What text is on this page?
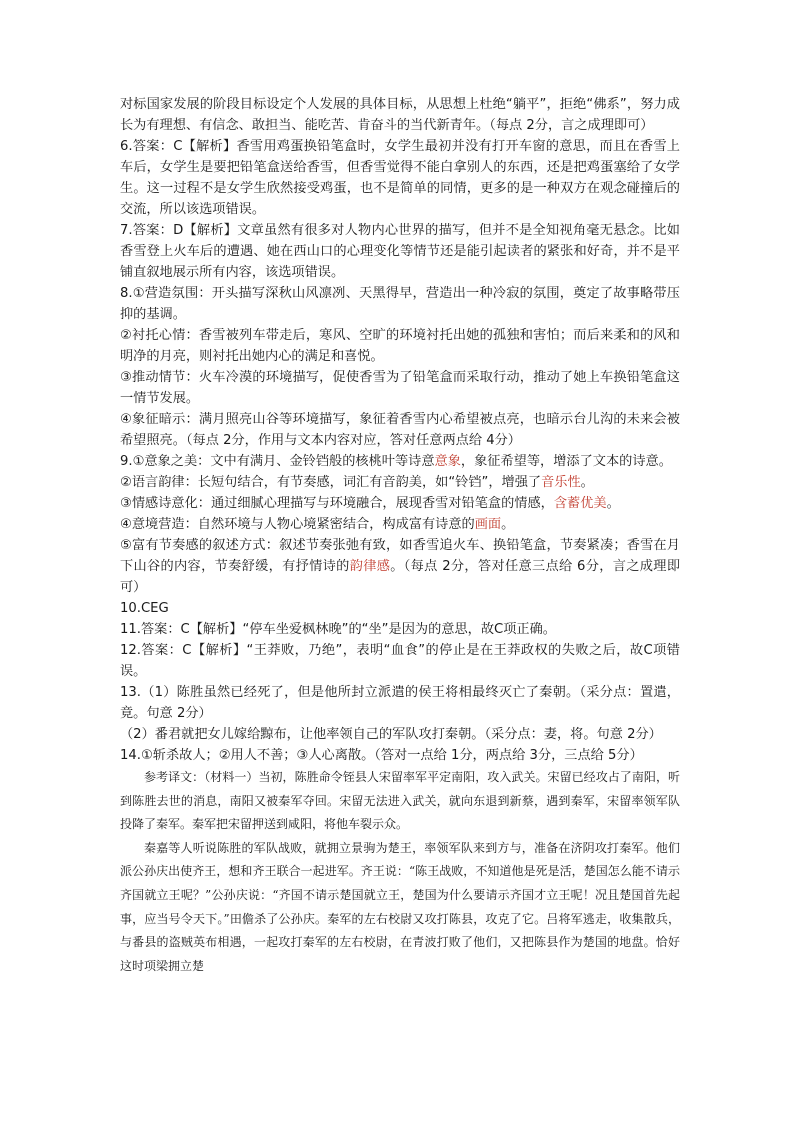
对标国家发展的阶段目标设定个人发展的具体目标，从思想上杜绝“躺平”，拒绝“佛系”，努力成长为有理想、有信念、敢担当、能吃苦、肯奋斗的当代新青年。（每点 2分，言之成理即可）

6.答案：C【解析】香雪用鸡蛋换铅笔盒时，女学生最初并没有打开车窗的意思，而且在香雪上车后，女学生是要把铅笔盒送给香雪，但香雪觉得不能白拿别人的东西，还是把鸡蛋塞给了女学生。这一过程不是女学生欣然接受鸡蛋，也不是简单的同情，更多的是一种双方在观念碰撞后的交流，所以该选项错误。

7.答案：D【解析】文章虽然有很多对人物内心世界的描写，但并不是全知视角毫无悬念。比如香雪登上火车后的遭遇、她在西山口的心理变化等情节还是能引起读者的紧张和好奇，并不是平铺直叙地展示所有内容，该选项错误。

8.①营造氛围：开头描写深秋山风凛冽、天黑得早，营造出一种冷寂的氛围，奠定了故事略带压抑的基调。

②衬托心情：香雪被列车带走后，寒风、空旷的环境衬托出她的孤独和害怕；而后来柔和的风和明净的月亮，则衬托出她内心的满足和喜悦。

③推动情节：火车冷漠的环境描写，促使香雪为了铅笔盒而采取行动，推动了她上车换铅笔盒这一情节发展。

④象征暗示：满月照亮山谷等环境描写，象征着香雪内心希望被点亮，也暗示台儿沟的未来会被希望照亮。（每点 2分，作用与文本内容对应，答对任意两点给 4分）

9.①意象之美：文中有满月、金铃铛般的核桃叶等诗意意象，象征希望等，增添了文本的诗意。

②语言韵律：长短句结合，有节奏感，词汇有音韵美，如“铃铛”，增强了音乐性。

③情感诗意化：通过细腻心理描写与环境融合，展现香雪对铅笔盒的情感，含蓄优美。

④意境营造：自然环境与人物心境紧密结合，构成富有诗意的画面。

⑤富有节奏感的叙述方式：叙述节奏张弛有致，如香雪追火车、换铅笔盒，节奏紧凑；香雪在月下山谷的内容，节奏舒缓，有抒情诗的韵律感。（每点 2分，答对任意三点给 6分，言之成理即可）

10.CEG

11.答案：C【解析】“停车坐爱枫林晚”的“坐”是因为的意思，故C项正确。

12.答案：C【解析】“王莽败，乃绝”，表明“血食”的停止是在王莽政权的失败之后，故C项错误。

13.（1）陈胜虽然已经死了，但是他所封立派遣的侯王将相最终灭亡了秦朝。（采分点：置遣，竟。句意 2分）

（2）番君就把女儿嫁给黥布，让他率领自己的军队攻打秦朝。（采分点：妻，将。句意 2分）

14.①斩杀故人；②用人不善；③人心离散。（答对一点给 1分，两点给 3分，三点给 5分）

参考译文：（材料一）当初，陈胜命令铚县人宋留率军平定南阳，攻入武关。宋留已经攻占了南阳，听到陈胜去世的消息，南阳又被秦军夺回。宋留无法进入武关，就向东退到新蔡，遇到秦军，宋留率领军队投降了秦军。秦军把宋留押送到咸阳，将他车裂示众。

秦嘉等人听说陈胜的军队战败，就拥立景驹为楚王，率领军队来到方与，准备在济阴攻打秦军。他们派公孙庆出使齐王，想和齐王联合一起进军。齐王说：“陈王战败，不知道他是死是活，楚国怎么能不请示齐国就立王呢？”公孙庆说：“齐国不请示楚国就立王，楚国为什么要请示齐国才立王呢！况且楚国首先起事，应当号令天下。”田儋杀了公孙庆。秦军的左右校尉又攻打陈县，攻克了它。吕将军逃走，收集散兵，与番县的盗贼英布相遇，一起攻打秦军的左右校尉，在青波打败了他们，又把陈县作为楚国的地盘。恰好这时项梁拥立楚
